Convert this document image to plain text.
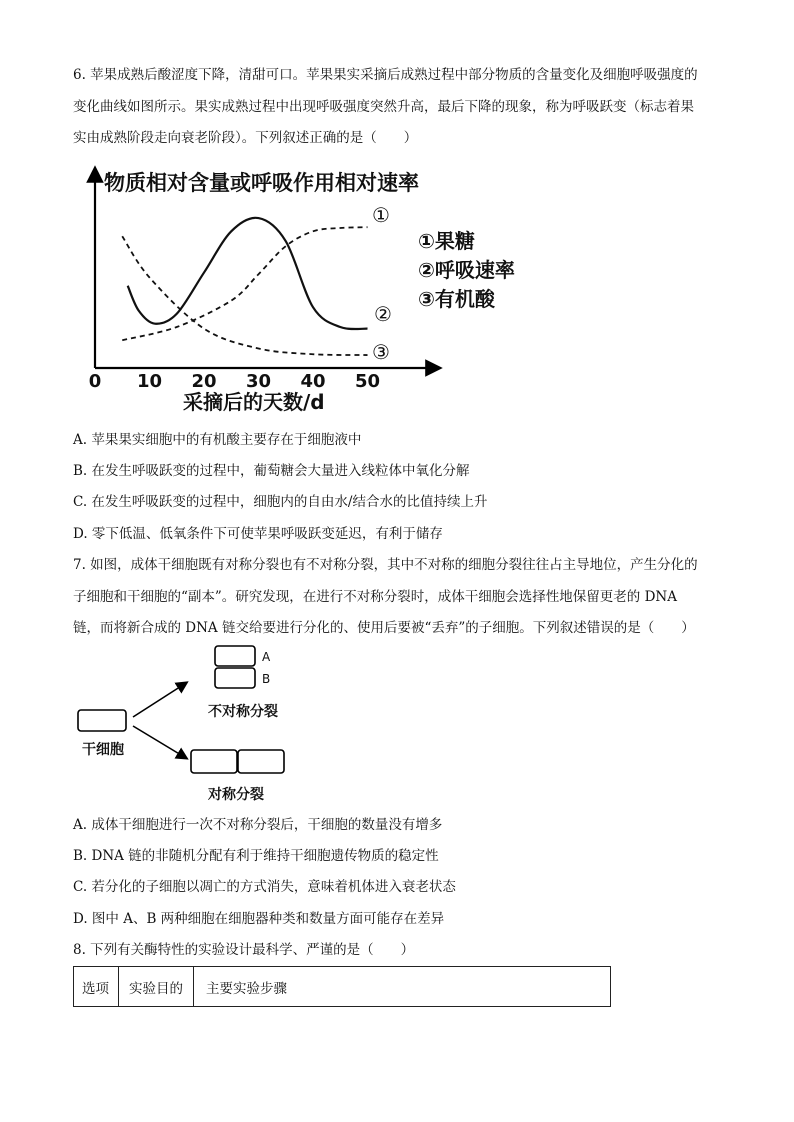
6. 苹果成熟后酸涩度下降，清甜可口。苹果果实采摘后成熟过程中部分物质的含量变化及细胞呼吸强度的
变化曲线如图所示。果实成熟过程中出现呼吸强度突然升高，最后下降的现象，称为呼吸跃变（标志着果
实由成熟阶段走向衰老阶段）。下列叙述正确的是（　　）
物质相对含量或呼吸作用相对速率
采摘后的天数/d
0 10 20 30 40 50
①
②
③
①果糖
②呼吸速率
③有机酸
A. 苹果果实细胞中的有机酸主要存在于细胞液中
B. 在发生呼吸跃变的过程中，葡萄糖会大量进入线粒体中氧化分解
C. 在发生呼吸跃变的过程中，细胞内的自由水/结合水的比值持续上升
D. 零下低温、低氧条件下可使苹果呼吸跃变延迟，有利于储存
7. 如图，成体干细胞既有对称分裂也有不对称分裂，其中不对称的细胞分裂往往占主导地位，产生分化的
子细胞和干细胞的“副本”。研究发现，在进行不对称分裂时，成体干细胞会选择性地保留更老的 DNA
链，而将新合成的 DNA 链交给要进行分化的、使用后要被“丢弃”的子细胞。下列叙述错误的是（　　）
干细胞
A
B
不对称分裂
对称分裂
A. 成体干细胞进行一次不对称分裂后，干细胞的数量没有增多
B. DNA 链的非随机分配有利于维持干细胞遗传物质的稳定性
C. 若分化的子细胞以凋亡的方式消失，意味着机体进入衰老状态
D. 图中 A、B 两种细胞在细胞器种类和数量方面可能存在差异
8. 下列有关酶特性的实验设计最科学、严谨的是（　　）
选项	实验目的	主要实验步骤
